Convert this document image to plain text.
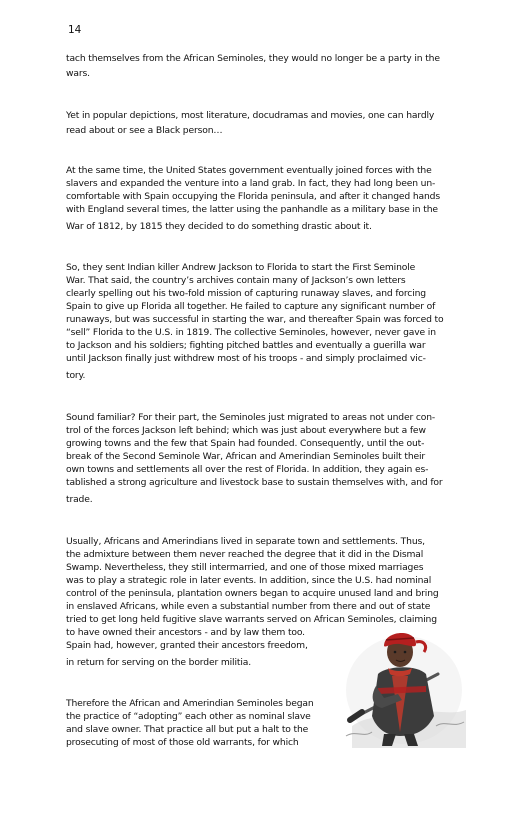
14
tach themselves from the African Seminoles, they would no longer be a party in the
wars.
Yet in popular depictions, most literature, docudramas and movies, one can hardly
read about or see a Black person…
At the same time, the United States government eventually joined forces with the
slavers and expanded the venture into a land grab. In fact, they had long been un-
comfortable with Spain occupying the Florida peninsula, and after it changed hands
with England several times, the latter using the panhandle as a military base in the
War of 1812, by 1815 they decided to do something drastic about it.
So, they sent Indian killer Andrew Jackson to Florida to start the First Seminole
War. That said, the country’s archives contain many of Jackson’s own letters
clearly spelling out his two-fold mission of capturing runaway slaves, and forcing
Spain to give up Florida all together. He failed to capture any significant number of
runaways, but was successful in starting the war, and thereafter Spain was forced to
“sell” Florida to the U.S. in 1819. The collective Seminoles, however, never gave in
to Jackson and his soldiers; fighting pitched battles and eventually a guerilla war
until Jackson finally just withdrew most of his troops - and simply proclaimed vic-
tory.
Sound familiar? For their part, the Seminoles just migrated to areas not under con-
trol of the forces Jackson left behind; which was just about everywhere but a few
growing towns and the few that Spain had founded. Consequently, until the out-
break of the Second Seminole War, African and Amerindian Seminoles built their
own towns and settlements all over the rest of Florida. In addition, they again es-
tablished a strong agriculture and livestock base to sustain themselves with, and for
trade.
Usually, Africans and Amerindians lived in separate town and settlements. Thus,
the admixture between them never reached the degree that it did in the Dismal
Swamp. Nevertheless, they still intermarried, and one of those mixed marriages
was to play a strategic role in later events. In addition, since the U.S. had nominal
control of the peninsula, plantation owners began to acquire unused land and bring
in enslaved Africans, while even a substantial number from there and out of state
tried to get long held fugitive slave warrants served on African Seminoles, claiming
to have owned their ancestors - and by law them too.
Spain had, however, granted their ancestors freedom,
in return for serving on the border militia.
Therefore the African and Amerindian Seminoles began
the practice of “adopting” each other as nominal slave
and slave owner. That practice all but put a halt to the
prosecuting of most of those old warrants, for which
